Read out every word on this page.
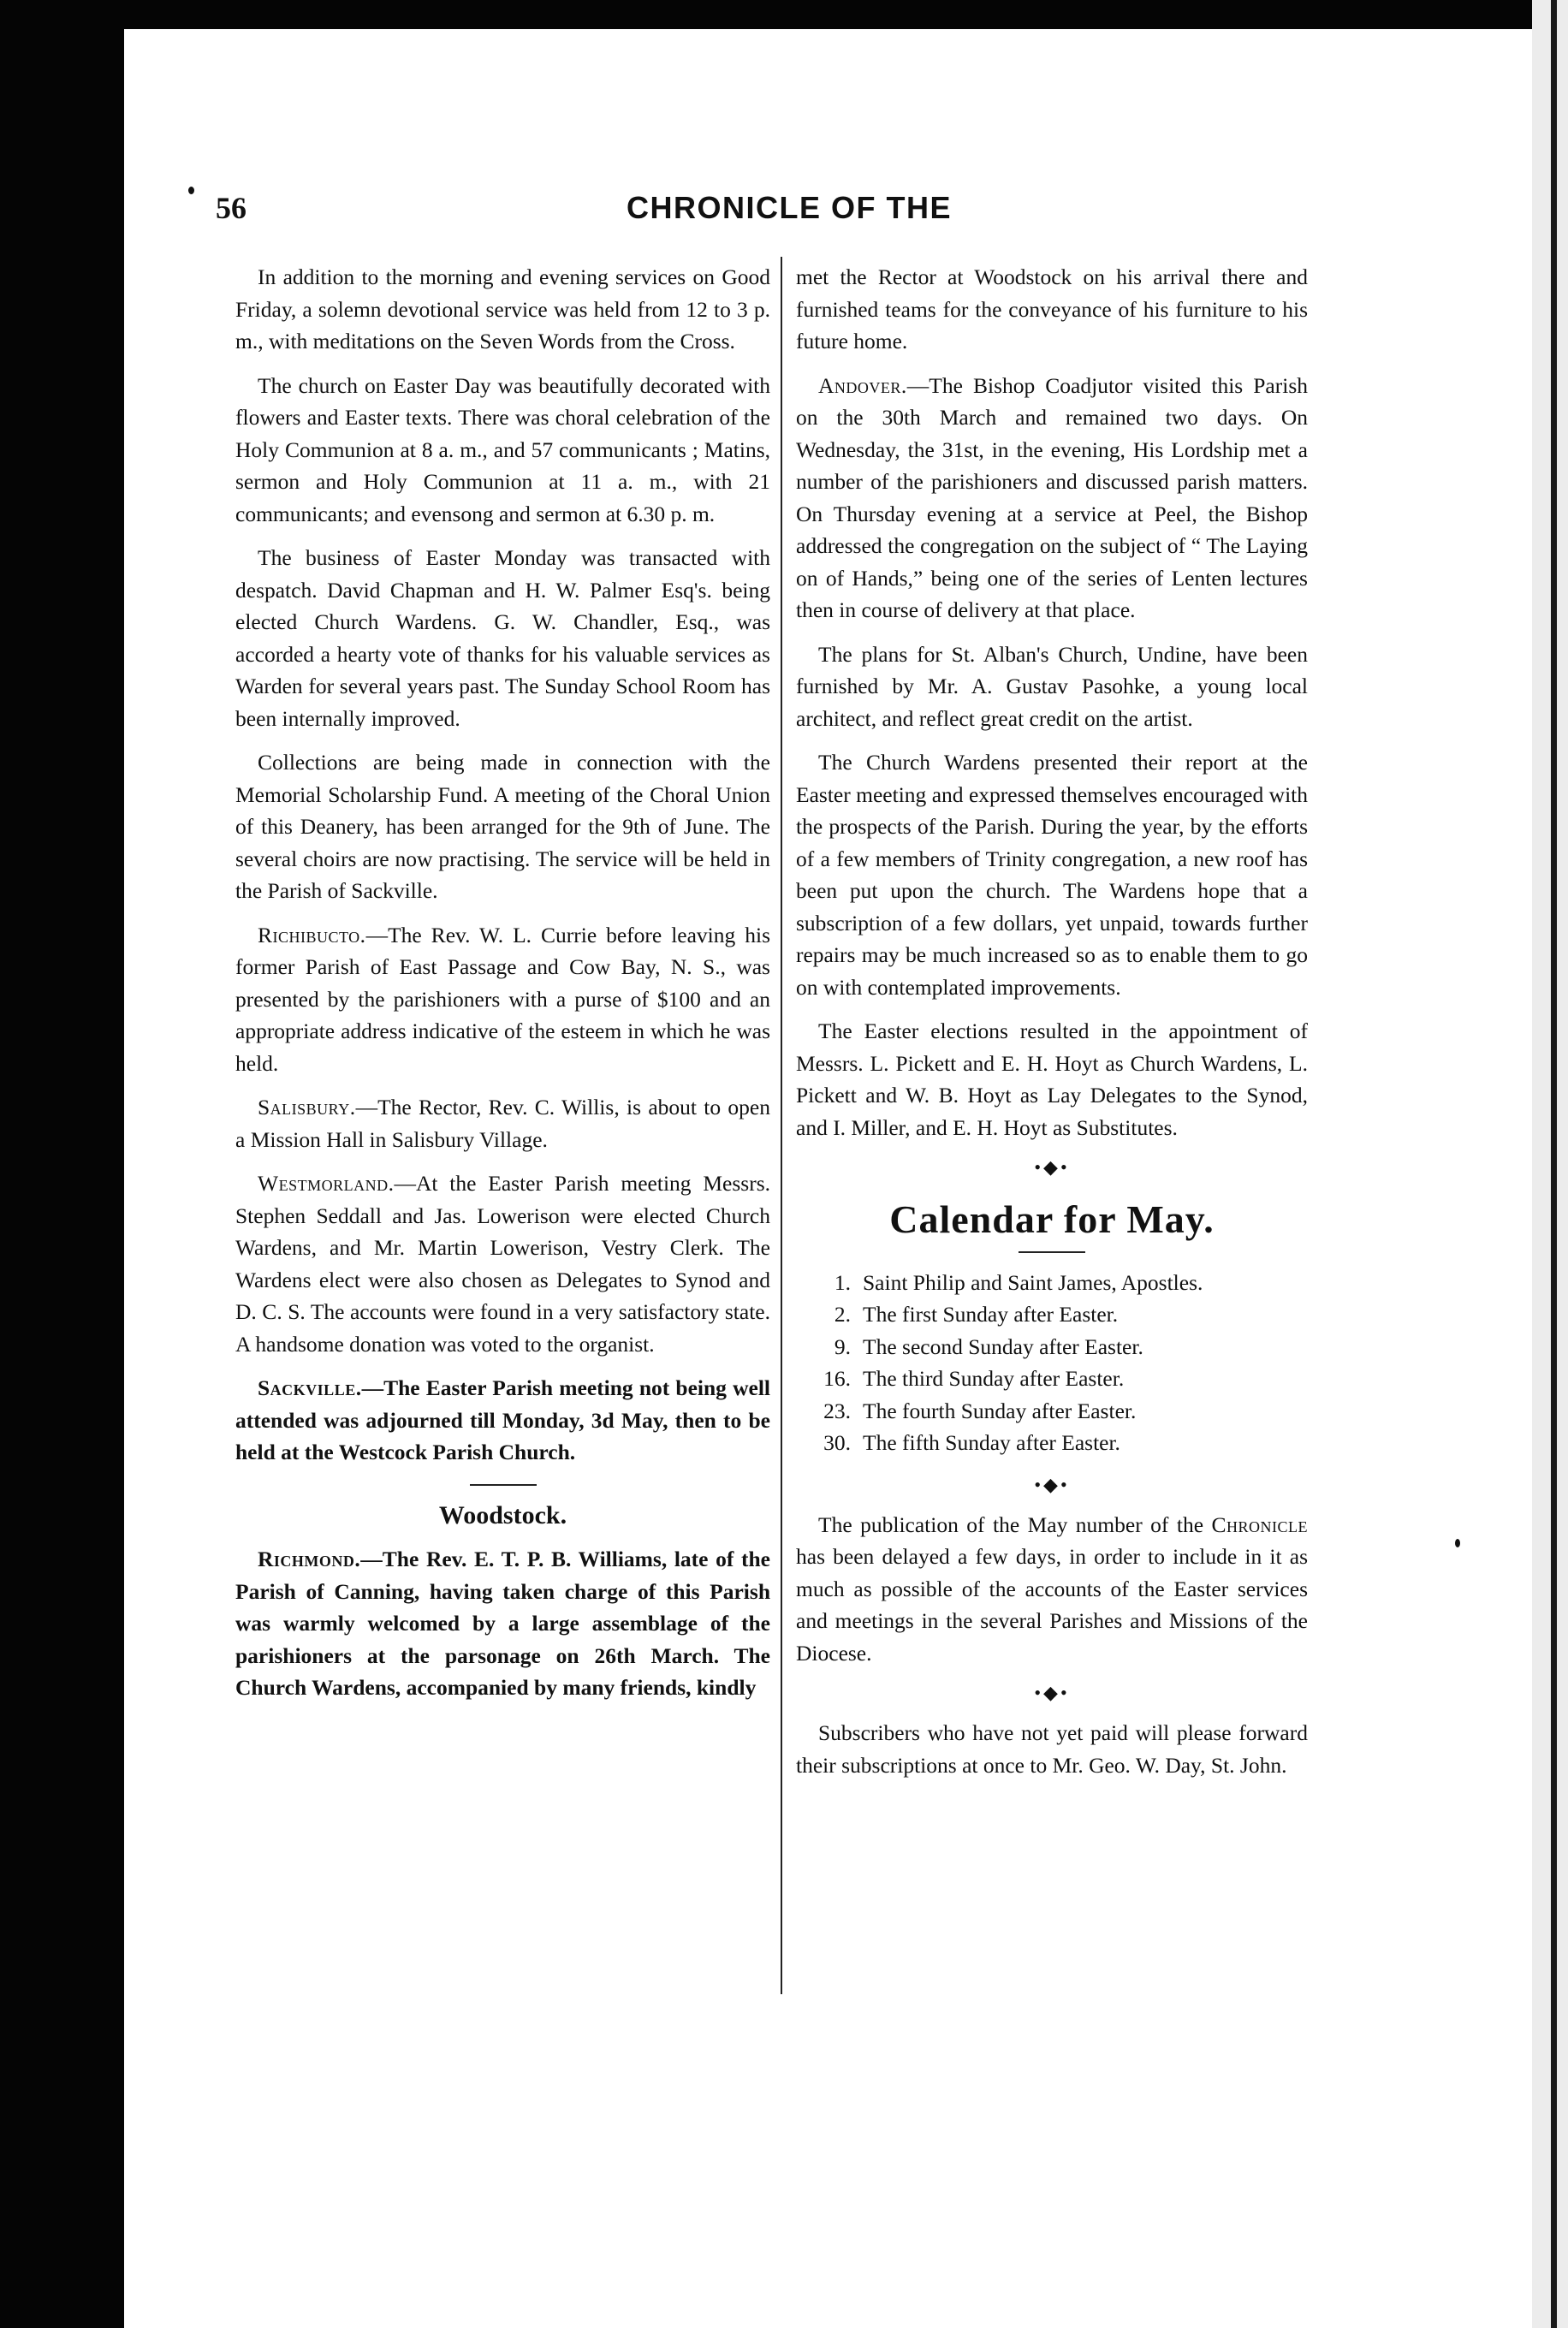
56	CHRONICLE OF THE

In addition to the morning and evening services on Good Friday, a solemn devotional service was held from 12 to 3 p. m., with meditations on the Seven Words from the Cross.

The church on Easter Day was beautifully decorated with flowers and Easter texts. There was choral celebration of the Holy Communion at 8 a. m., and 57 communicants ; Matins, sermon and Holy Communion at 11 a. m., with 21 communicants; and evensong and sermon at 6.30 p. m.

The business of Easter Monday was transacted with despatch. David Chapman and H. W. Palmer Esq's. being elected Church Wardens. G. W. Chandler, Esq., was accorded a hearty vote of thanks for his valuable services as Warden for several years past. The Sunday School Room has been internally improved.

Collections are being made in connection with the Memorial Scholarship Fund. A meeting of the Choral Union of this Deanery, has been arranged for the 9th of June. The several choirs are now practising. The service will be held in the Parish of Sackville.

Richibucto.—The Rev. W. L. Currie before leaving his former Parish of East Passage and Cow Bay, N. S., was presented by the parishioners with a purse of $100 and an appropriate address indicative of the esteem in which he was held.

Salisbury.—The Rector, Rev. C. Willis, is about to open a Mission Hall in Salisbury Village.

Westmorland.—At the Easter Parish meeting Messrs. Stephen Seddall and Jas. Lowerison were elected Church Wardens, and Mr. Martin Lowerison, Vestry Clerk. The Wardens elect were also chosen as Delegates to Synod and D. C. S. The accounts were found in a very satisfactory state. A handsome donation was voted to the organist.

Sackville.—The Easter Parish meeting not being well attended was adjourned till Monday, 3d May, then to be held at the Westcock Parish Church.

Woodstock.

Richmond.—The Rev. E. T. P. B. Williams, late of the Parish of Canning, having taken charge of this Parish was warmly welcomed by a large assemblage of the parishioners at the parsonage on 26th March. The Church Wardens, accompanied by many friends, kindly

met the Rector at Woodstock on his arrival there and furnished teams for the conveyance of his furniture to his future home.

Andover.—The Bishop Coadjutor visited this Parish on the 30th March and remained two days. On Wednesday, the 31st, in the evening, His Lordship met a number of the parishioners and discussed parish matters. On Thursday evening at a service at Peel, the Bishop addressed the congregation on the subject of “ The Laying on of Hands,” being one of the series of Lenten lectures then in course of delivery at that place.

The plans for St. Alban's Church, Undine, have been furnished by Mr. A. Gustav Pasohke, a young local architect, and reflect great credit on the artist.

The Church Wardens presented their report at the Easter meeting and expressed themselves encouraged with the prospects of the Parish. During the year, by the efforts of a few members of Trinity congregation, a new roof has been put upon the church. The Wardens hope that a subscription of a few dollars, yet unpaid, towards further repairs may be much increased so as to enable them to go on with contemplated improvements.

The Easter elections resulted in the appointment of Messrs. L. Pickett and E. H. Hoyt as Church Wardens, L. Pickett and W. B. Hoyt as Lay Delegates to the Synod, and I. Miller, and E. H. Hoyt as Substitutes.

•◆•
Calendar for May.
1. Saint Philip and Saint James, Apostles.
2. The first Sunday after Easter.
9. The second Sunday after Easter.
16. The third Sunday after Easter.
23. The fourth Sunday after Easter.
30. The fifth Sunday after Easter.
•◆•

The publication of the May number of the Chronicle has been delayed a few days, in order to include in it as much as possible of the accounts of the Easter services and meetings in the several Parishes and Missions of the Diocese.

•◆•

Subscribers who have not yet paid will please forward their subscriptions at once to Mr. Geo. W. Day, St. John.
